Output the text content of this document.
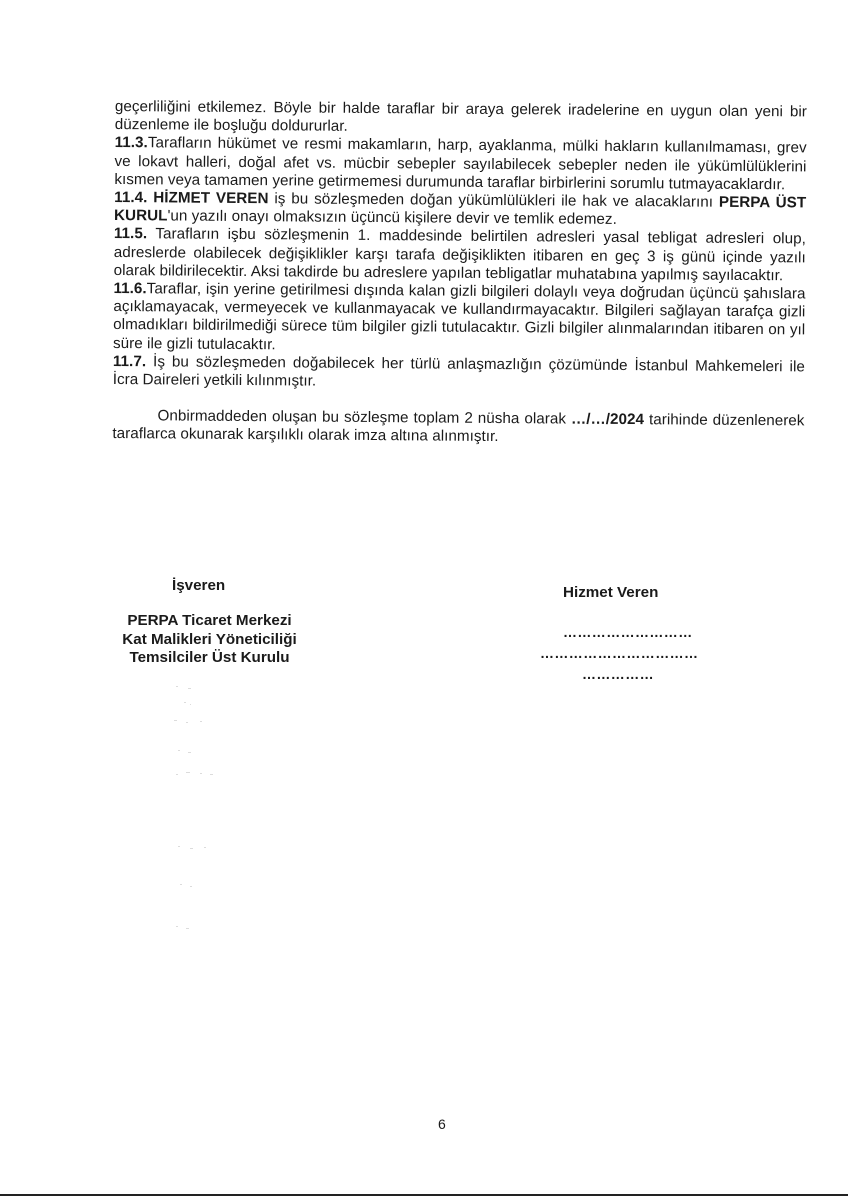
geçerliliğini etkilemez. Böyle bir halde taraflar bir araya gelerek iradelerine en uygun olan yeni bir düzenleme ile boşluğu doldururlar.

11.3.Tarafların hükümet ve resmi makamların, harp, ayaklanma, mülki hakların kullanılmaması, grev ve lokavt halleri, doğal afet vs. mücbir sebepler sayılabilecek sebepler neden ile yükümlülüklerini kısmen veya tamamen yerine getirmemesi durumunda taraflar birbirlerini sorumlu tutmayacaklardır.

11.4. HİZMET VEREN iş bu sözleşmeden doğan yükümlülükleri ile hak ve alacaklarını PERPA ÜST KURUL'un yazılı onayı olmaksızın üçüncü kişilere devir ve temlik edemez.

11.5. Tarafların işbu sözleşmenin 1. maddesinde belirtilen adresleri yasal tebligat adresleri olup, adreslerde olabilecek değişiklikler karşı tarafa değişiklikten itibaren en geç 3 iş günü içinde yazılı olarak bildirilecektir. Aksi takdirde bu adreslere yapılan tebligatlar muhatabına yapılmış sayılacaktır.

11.6.Taraflar, işin yerine getirilmesi dışında kalan gizli bilgileri dolaylı veya doğrudan üçüncü şahıslara açıklamayacak, vermeyecek ve kullanmayacak ve kullandırmayacaktır. Bilgileri sağlayan tarafça gizli olmadıkları bildirilmediği sürece tüm bilgiler gizli tutulacaktır. Gizli bilgiler alınmalarından itibaren on yıl süre ile gizli tutulacaktır.

11.7. İş bu sözleşmeden doğabilecek her türlü anlaşmazlığın çözümünde İstanbul Mahkemeleri ile İcra Daireleri yetkili kılınmıştır.

Onbirmaddeden oluşan bu sözleşme toplam 2 nüsha olarak …/…/2024 tarihinde düzenlenerek taraflarca okunarak karşılıklı olarak imza altına alınmıştır.

İşveren
PERPA Ticaret Merkezi
Kat Malikleri Yöneticiliği
Temsilciler Üst Kurulu
Hizmet Veren
………………………
……………………………
……………
6
